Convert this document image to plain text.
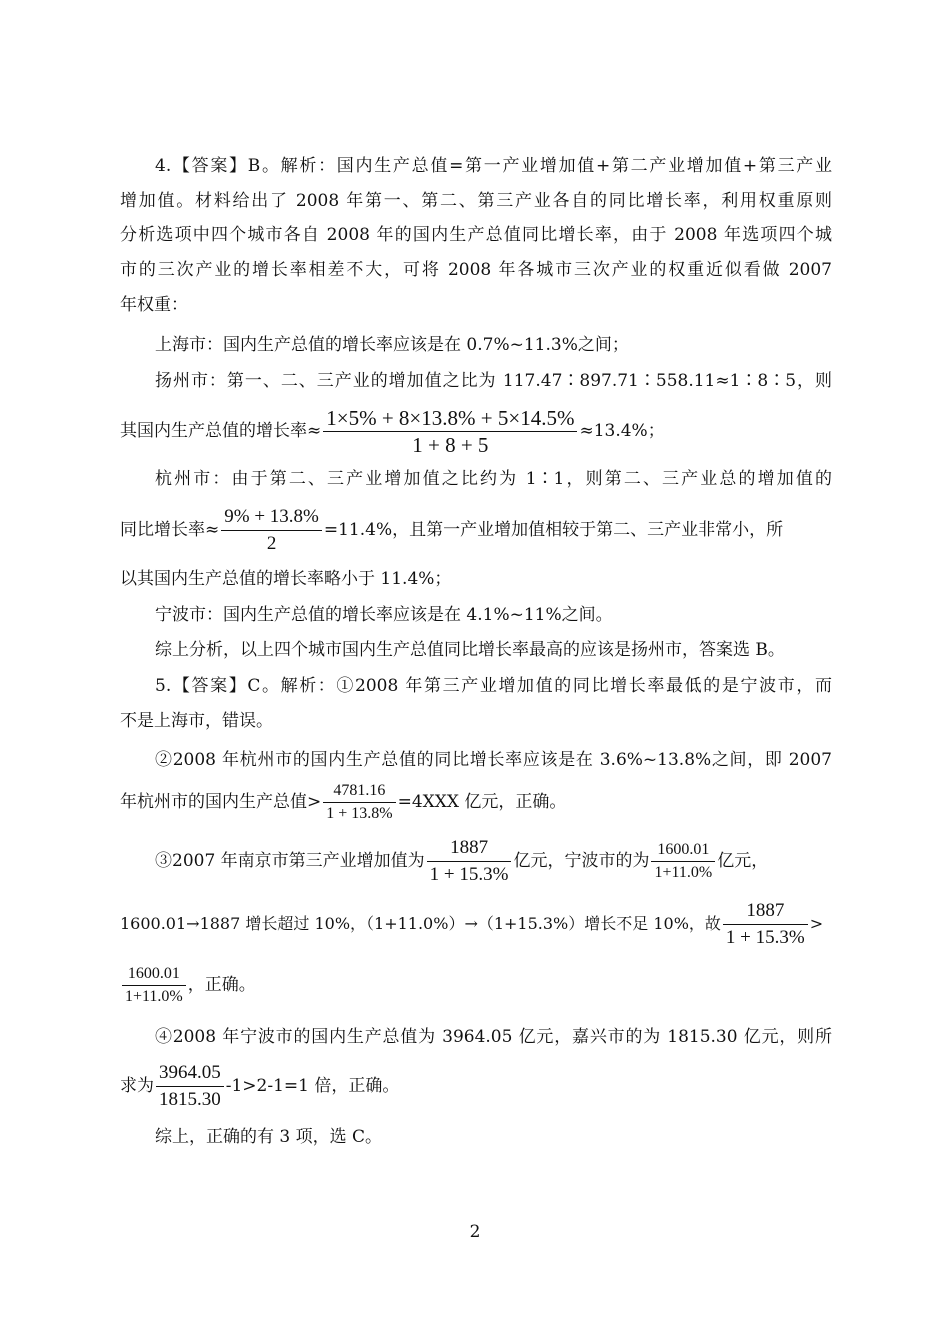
4.【答案】B。解析：国内生产总值=第一产业增加值+第二产业增加值+第三产业
增加值。材料给出了 2008 年第一、第二、第三产业各自的同比增长率，利用权重原则
分析选项中四个城市各自 2008 年的国内生产总值同比增长率，由于 2008 年选项四个城
市的三次产业的增长率相差不大，可将 2008 年各城市三次产业的权重近似看做 2007
年权重：
上海市：国内生产总值的增长率应该是在 0.7%~11.3%之间；
扬州市：第一、二、三产业的增加值之比为 117.47∶897.71∶558.11≈1∶8∶5，则
其国内生产总值的增长率≈ $\frac{1\times 5\% + 8\times 13.8\% + 5\times 14.5\%}{1 + 8 + 5} \approx 13.4\%$；
杭州市：由于第二、三产业增加值之比约为 1∶1，则第二、三产业总的增加值的
同比增长率≈ $\frac{9\% + 13.8\%}{2} =11.4\%$，且第一产业增加值相较于第二、三产业非常小，所
以其国内生产总值的增长率略小于 11.4%；
宁波市：国内生产总值的增长率应该是在 4.1%~11%之间。
综上分析，以上四个城市国内生产总值同比增长率最高的应该是扬州市，答案选 B。
5.【答案】C。解析：①2008 年第三产业增加值的同比增长率最低的是宁波市，而
不是上海市，错误。
②2008 年杭州市的国内生产总值的同比增长率应该是在 3.6%~13.8%之间，即 2007
年杭州市的国内生产总值> $\frac{4781.16}{1 + 13.8\%} =4XXX$ 亿元，正确。
③2007 年南京市第三产业增加值为 $\frac{1887}{1 + 15.3\%}$ 亿元，宁波市的为 $\frac{1600.01}{1+11.0\%}$ 亿元，
1600.01→1887 增长超过 10%，（1+11.0%）→（1+15.3%）增长不足 10%，故 $\frac{1887}{1 + 15.3\%}$ >
$\frac{1600.01}{1+11.0\%}$ ，正确。
④2008 年宁波市的国内生产总值为 3964.05 亿元，嘉兴市的为 1815.30 亿元，则所
求为 $\frac{3964.05}{1815.30} -1>2-1=1$ 倍，正确。
综上，正确的有 3 项，选 C。
2
